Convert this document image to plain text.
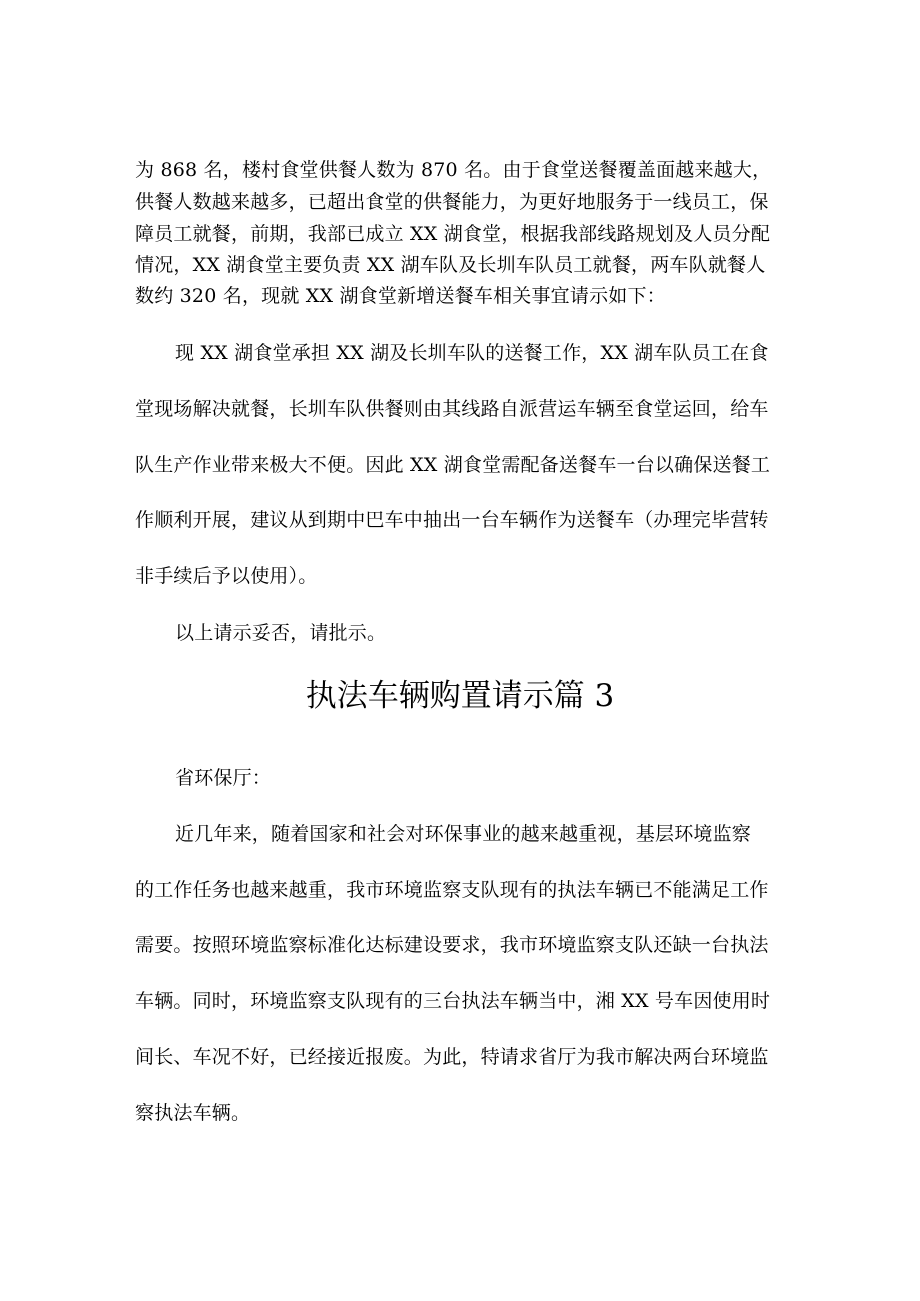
为 868 名，楼村食堂供餐人数为 870 名。由于食堂送餐覆盖面越来越大，
供餐人数越来越多，已超出食堂的供餐能力，为更好地服务于一线员工，保
障员工就餐，前期，我部已成立 XX 湖食堂，根据我部线路规划及人员分配
情况，XX 湖食堂主要负责 XX 湖车队及长圳车队员工就餐，两车队就餐人
数约 320 名，现就 XX 湖食堂新增送餐车相关事宜请示如下：
现 XX 湖食堂承担 XX 湖及长圳车队的送餐工作，XX 湖车队员工在食
堂现场解决就餐，长圳车队供餐则由其线路自派营运车辆至食堂运回，给车
队生产作业带来极大不便。因此 XX 湖食堂需配备送餐车一台以确保送餐工
作顺利开展，建议从到期中巴车中抽出一台车辆作为送餐车（办理完毕营转
非手续后予以使用）。
以上请示妥否，请批示。
执法车辆购置请示篇 3
省环保厅：
近几年来，随着国家和社会对环保事业的越来越重视，基层环境监察
的工作任务也越来越重，我市环境监察支队现有的执法车辆已不能满足工作
需要。按照环境监察标准化达标建设要求，我市环境监察支队还缺一台执法
车辆。同时，环境监察支队现有的三台执法车辆当中，湘 XX 号车因使用时
间长、车况不好，已经接近报废。为此，特请求省厅为我市解决两台环境监
察执法车辆。
